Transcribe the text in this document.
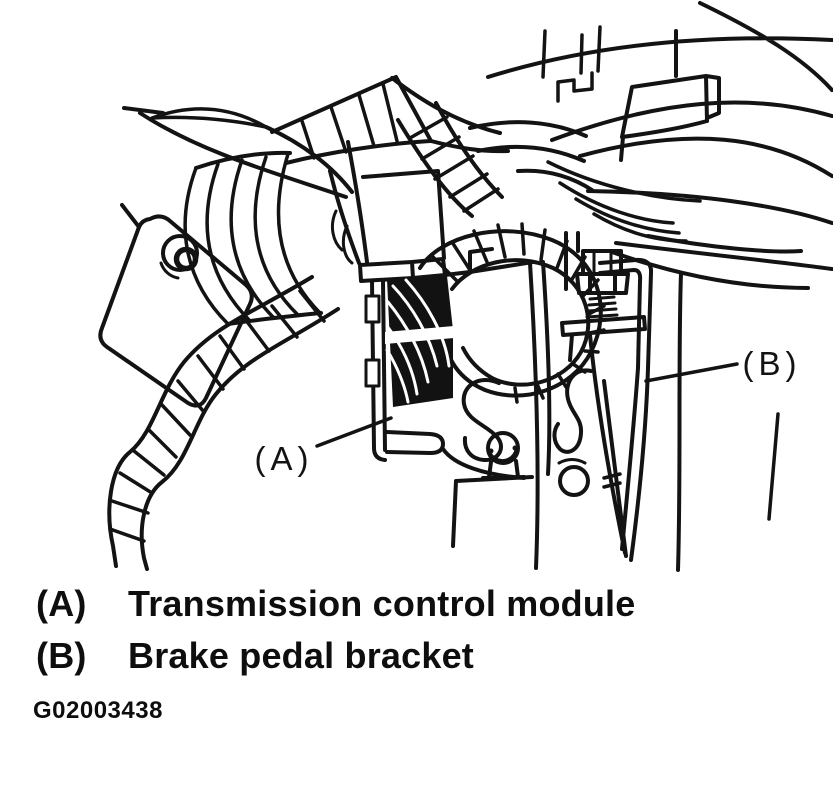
(A)
(B)
(A)	Transmission control module
(B)	Brake pedal bracket
G02003438
